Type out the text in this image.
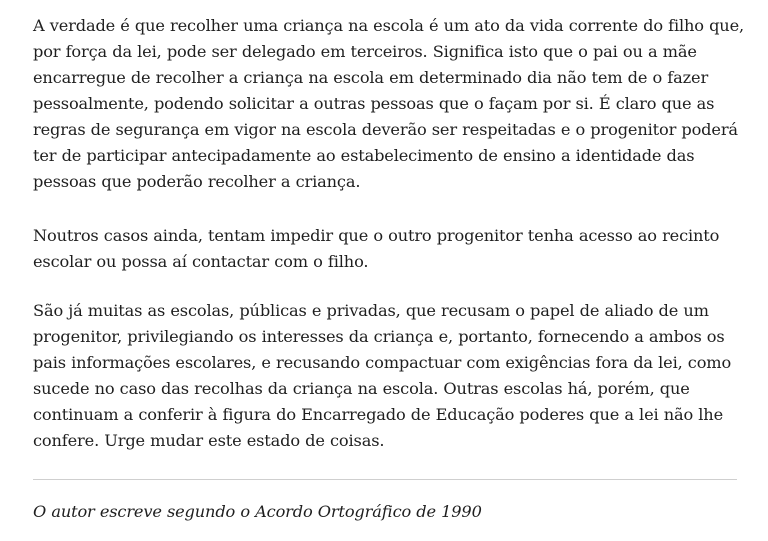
A verdade é que recolher uma criança na escola é um ato da vida corrente do filho que, por força da lei, pode ser delegado em terceiros. Significa isto que o pai ou a mãe encarregue de recolher a criança na escola em determinado dia não tem de o fazer pessoalmente, podendo solicitar a outras pessoas que o façam por si. É claro que as regras de segurança em vigor na escola deverão ser respeitadas e o progenitor poderá ter de participar antecipadamente ao estabelecimento de ensino a identidade das pessoas que poderão recolher a criança.

Noutros casos ainda, tentam impedir que o outro progenitor tenha acesso ao recinto escolar ou possa aí contactar com o filho.

São já muitas as escolas, públicas e privadas, que recusam o papel de aliado de um progenitor, privilegiando os interesses da criança e, portanto, fornecendo a ambos os pais informações escolares, e recusando compactuar com exigências fora da lei, como sucede no caso das recolhas da criança na escola. Outras escolas há, porém, que continuam a conferir à figura do Encarregado de Educação poderes que a lei não lhe confere. Urge mudar este estado de coisas.

O autor escreve segundo o Acordo Ortográfico de 1990
